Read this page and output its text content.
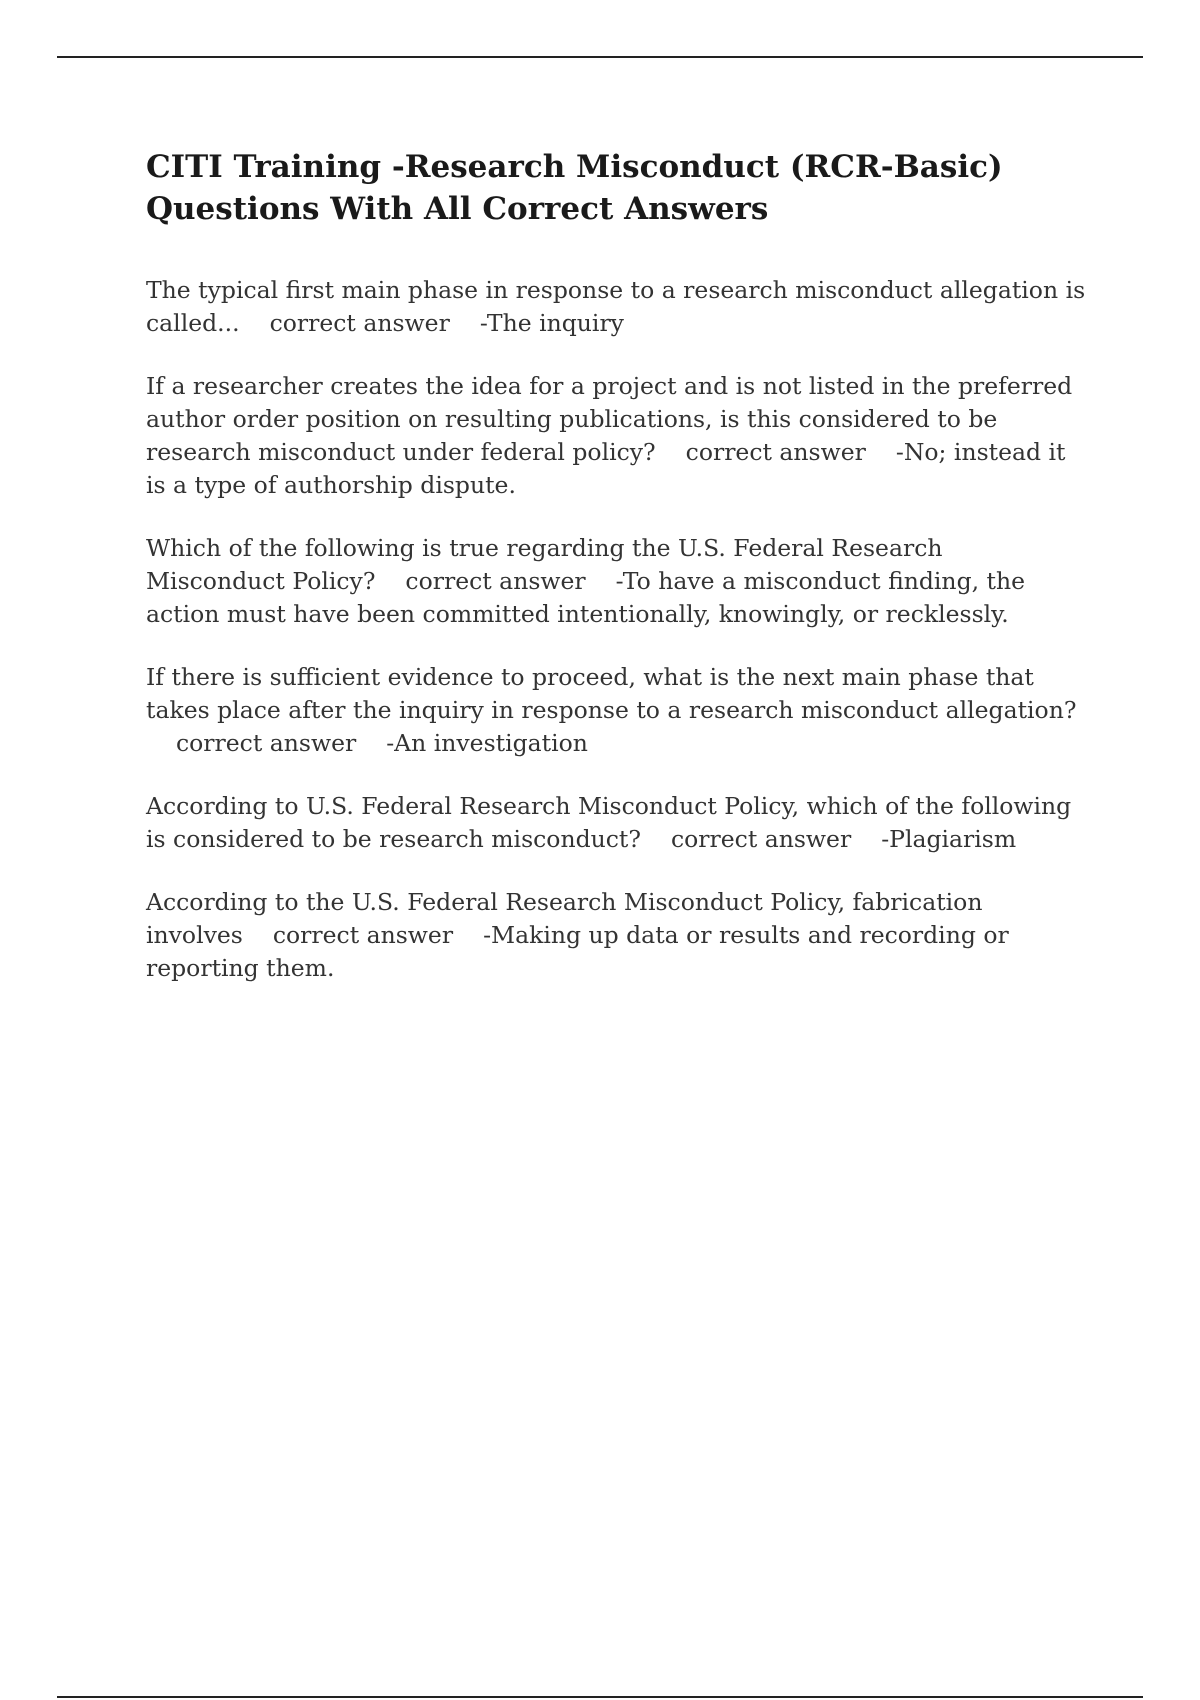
CITI Training -Research Misconduct (RCR-Basic) Questions With All Correct Answers

The typical first main phase in response to a research misconduct allegation is called... correct answer -The inquiry

If a researcher creates the idea for a project and is not listed in the preferred author order position on resulting publications, is this considered to be research misconduct under federal policy? correct answer -No; instead it is a type of authorship dispute.

Which of the following is true regarding the U.S. Federal Research Misconduct Policy? correct answer -To have a misconduct finding, the action must have been committed intentionally, knowingly, or recklessly.

If there is sufficient evidence to proceed, what is the next main phase that takes place after the inquiry in response to a research misconduct allegation?correct answer -An investigation

According to U.S. Federal Research Misconduct Policy, which of the following is considered to be research misconduct? correct answer -Plagiarism

According to the U.S. Federal Research Misconduct Policy, fabrication involves correct answer -Making up data or results and recording or reporting them.
